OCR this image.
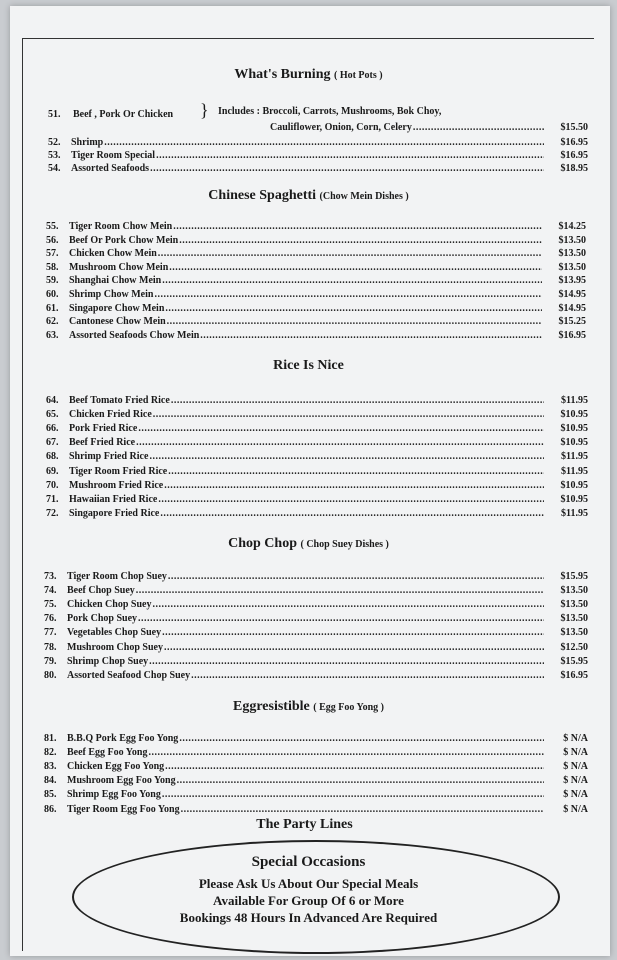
What's Burning ( Hot Pots )
51.	Beef , Pork Or Chicken } Includes : Broccoli, Carrots, Mushrooms, Bok Choy,
Cauliflower, Onion, Corn, Celery .....	$15.50
52.	Shrimp .....	$16.95
53.	Tiger Room Special .....	$16.95
54.	Assorted Seafoods .....	$18.95
Chinese Spaghetti (Chow Mein Dishes )
55.	Tiger Room Chow Mein .....	$14.25
56.	Beef Or Pork Chow Mein .....	$13.50
57.	Chicken Chow Mein .....	$13.50
58.	Mushroom Chow Mein .....	$13.50
59.	Shanghai Chow Mein .....	$13.95
60.	Shrimp Chow Mein .....	$14.95
61.	Singapore Chow Mein .....	$14.95
62.	Cantonese Chow Mein .....	$15.25
63.	Assorted Seafoods Chow Mein .....	$16.95
Rice Is Nice
64.	Beef Tomato Fried Rice .....	$11.95
65.	Chicken Fried Rice .....	$10.95
66.	Pork Fried Rice .....	$10.95
67.	Beef Fried Rice .....	$10.95
68.	Shrimp Fried Rice .....	$11.95
69.	Tiger Room Fried Rice .....	$11.95
70.	Mushroom Fried Rice .....	$10.95
71.	Hawaiian Fried Rice .....	$10.95
72.	Singapore Fried Rice .....	$11.95
Chop Chop ( Chop Suey Dishes )
73.	Tiger Room Chop Suey .....	$15.95
74.	Beef Chop Suey .....	$13.50
75.	Chicken Chop Suey .....	$13.50
76.	Pork Chop Suey .....	$13.50
77.	Vegetables Chop Suey .....	$13.50
78.	Mushroom Chop Suey .....	$12.50
79.	Shrimp Chop Suey .....	$15.95
80.	Assorted Seafood Chop Suey .....	$16.95
Eggresistible ( Egg Foo Yong )
81.	B.B.Q Pork Egg Foo Yong .....	$ N/A
82.	Beef Egg Foo Yong .....	$ N/A
83.	Chicken Egg Foo Yong .....	$ N/A
84.	Mushroom Egg Foo Yong .....	$ N/A
85.	Shrimp Egg Foo Yong .....	$ N/A
86.	Tiger Room Egg Foo Yong .....	$ N/A
The Party Lines
Special Occasions
Please Ask Us About Our Special Meals
Available For Group Of 6 or More
Bookings 48 Hours In Advanced Are Required
